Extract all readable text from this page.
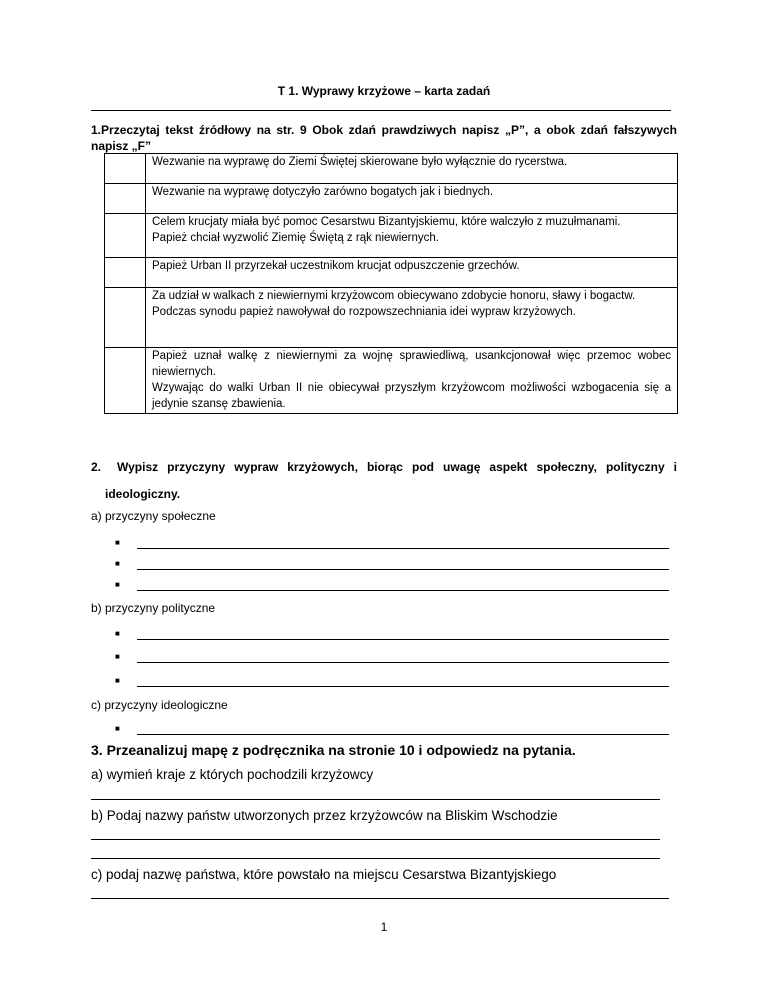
T 1. Wyprawy krzyżowe – karta zadań
1.Przeczytaj tekst źródłowy na str. 9 Obok zdań prawdziwych napisz „P”, a obok zdań fałszywych napisz „F”

	Wezwanie na wyprawę do Ziemi Świętej skierowane było wyłącznie do rycerstwa.

	Wezwanie na wyprawę dotyczyło zarówno bogatych jak i biednych.

	Celem krucjaty miała być pomoc Cesarstwu Bizantyjskiemu, które walczyło z muzułmanami.
Papież chciał wyzwolić Ziemię Świętą z rąk niewiernych.

	Papież Urban II przyrzekał uczestnikom krucjat odpuszczenie grzechów.

	Za udział w walkach z niewiernymi krzyżowcom obiecywano zdobycie honoru, sławy i bogactw.
Podczas synodu papież nawoływał do rozpowszechniania idei wypraw krzyżowych.

	Papież uznał walkę z niewiernymi za wojnę sprawiedliwą, usankcjonował więc przemoc wobec niewiernych.
Wzywając do walki Urban II nie obiecywał przyszłym krzyżowcom możliwości wzbogacenia się a jedynie szansę zbawienia.
2.	Wypisz przyczyny wypraw krzyżowych, biorąc pod uwagę aspekt społeczny, polityczny i
ideologiczny.
a) przyczyny społeczne
■
■
■
b) przyczyny polityczne
■
■
■
c) przyczyny ideologiczne
■
3. Przeanalizuj mapę z podręcznika na stronie 10 i odpowiedz na pytania.
a) wymień kraje z których pochodzili krzyżowcy
b) Podaj nazwy państw utworzonych przez krzyżowców na Bliskim Wschodzie
c) podaj nazwę państwa, które powstało na miejscu Cesarstwa Bizantyjskiego
1
